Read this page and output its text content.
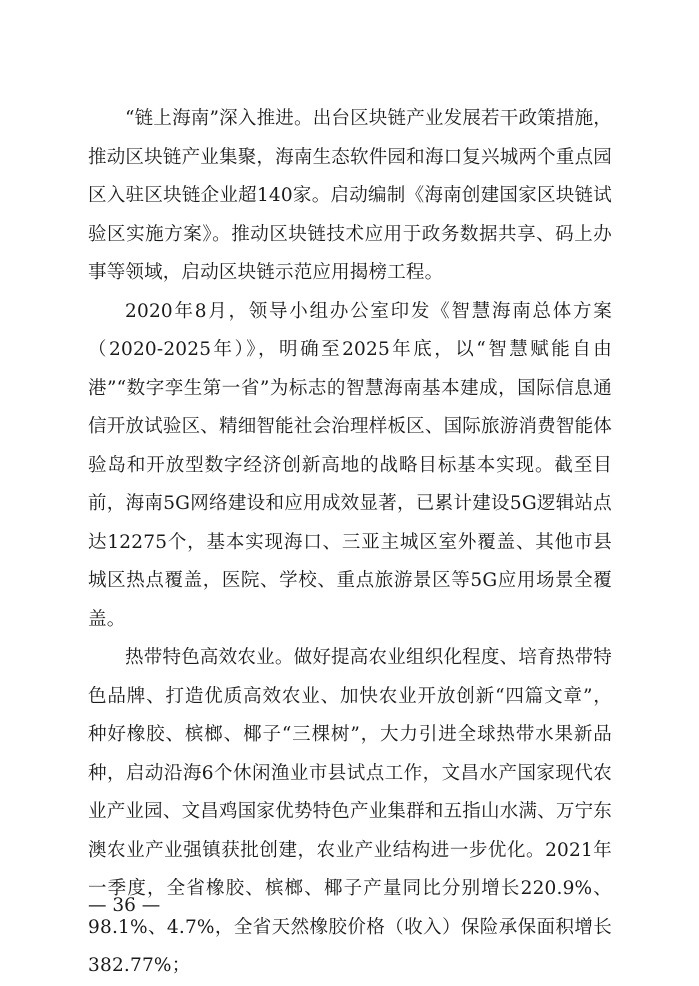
“链上海南”深入推进。出台区块链产业发展若干政策措施，推动区块链产业集聚，海南生态软件园和海口复兴城两个重点园区入驻区块链企业超140家。启动编制《海南创建国家区块链试验区实施方案》。推动区块链技术应用于政务数据共享、码上办事等领域，启动区块链示范应用揭榜工程。

2020年8月，领导小组办公室印发《智慧海南总体方案（2020-2025年）》，明确至2025年底，以“智慧赋能自由港”“数字孪生第一省”为标志的智慧海南基本建成，国际信息通信开放试验区、精细智能社会治理样板区、国际旅游消费智能体验岛和开放型数字经济创新高地的战略目标基本实现。截至目前，海南5G网络建设和应用成效显著，已累计建设5G逻辑站点达12275个，基本实现海口、三亚主城区室外覆盖、其他市县城区热点覆盖，医院、学校、重点旅游景区等5G应用场景全覆盖。

热带特色高效农业。做好提高农业组织化程度、培育热带特色品牌、打造优质高效农业、加快农业开放创新“四篇文章”，种好橡胶、槟榔、椰子“三棵树”，大力引进全球热带水果新品种，启动沿海6个休闲渔业市县试点工作，文昌水产国家现代农业产业园、文昌鸡国家优势特色产业集群和五指山水满、万宁东澳农业产业强镇获批创建，农业产业结构进一步优化。2021年一季度，全省橡胶、槟榔、椰子产量同比分别增长220.9%、98.1%、4.7%，全省天然橡胶价格（收入）保险承保面积增长382.77%；

— 36 —
